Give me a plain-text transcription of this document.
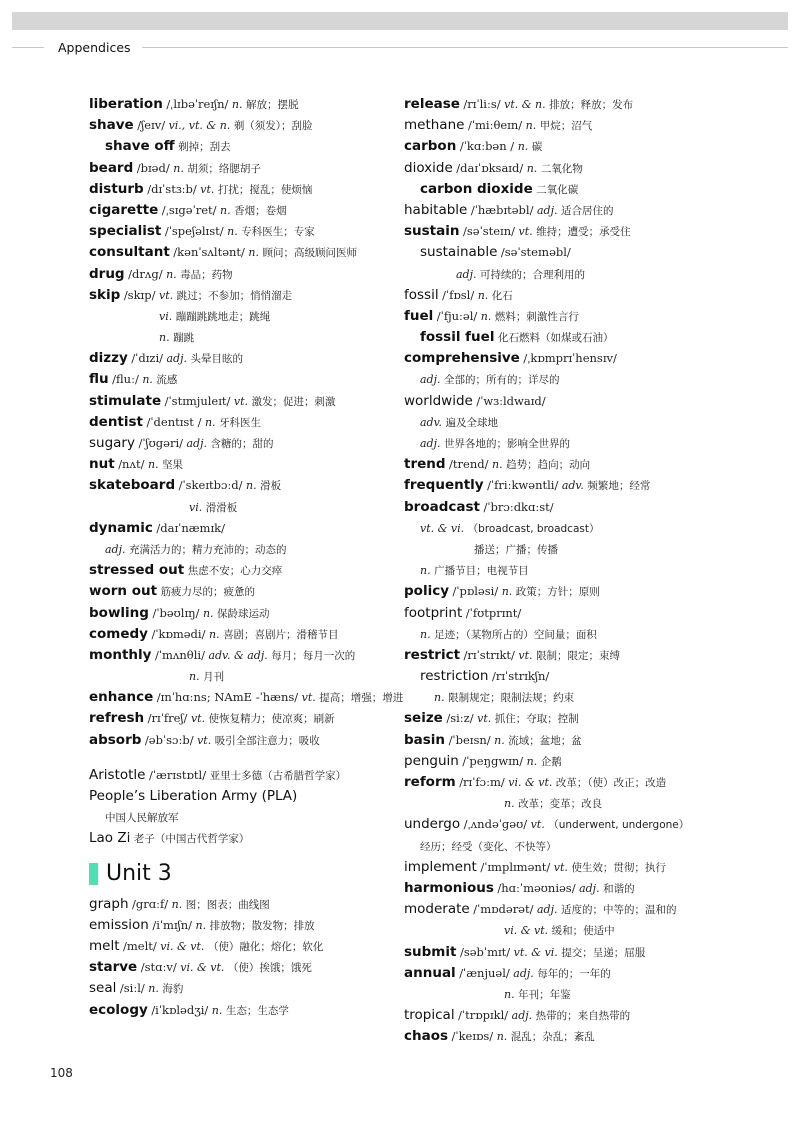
Appendices
liberation /ˌlɪbəˈreɪʃn/ n. 解放；摆脱
shave /ʃeɪv/ vi., vt. & n. 剃（须发）；刮脸
shave off 剃掉；刮去
beard /bɪəd/ n. 胡须；络腮胡子
disturb /dɪˈstɜːb/ vt. 打扰；搅乱；使烦恼
cigarette /ˌsɪgəˈret/ n. 香烟；卷烟
specialist /ˈspeʃəlɪst/ n. 专科医生；专家
consultant /kənˈsʌltənt/ n. 顾问；高级顾问医师
drug /drʌg/ n. 毒品；药物
skip /skɪp/ vt. 跳过；不参加；悄悄溜走
vi. 蹦蹦跳跳地走；跳绳
n. 蹦跳
dizzy /ˈdɪzi/ adj. 头晕目眩的
flu /fluː/ n. 流感
stimulate /ˈstɪmjuleɪt/ vt. 激发；促进；刺激
dentist /ˈdentɪst / n. 牙科医生
sugary /ˈʃʊgəri/ adj. 含糖的；甜的
nut /nʌt/ n. 坚果
skateboard /ˈskeɪtbɔːd/ n. 滑板
vi. 滑滑板
dynamic /daɪˈnæmɪk/
adj. 充满活力的；精力充沛的；动态的
stressed out 焦虑不安；心力交瘁
worn out 筋疲力尽的；疲惫的
bowling /ˈbəʊlɪŋ/ n. 保龄球运动
comedy /ˈkɒmədi/ n. 喜剧；喜剧片；滑稽节目
monthly /ˈmʌnθli/ adv. & adj. 每月；每月一次的
n. 月刊
enhance /ɪnˈhɑːns; NAmE -ˈhæns/ vt. 提高；增强；增进
refresh /rɪˈfreʃ/ vt. 使恢复精力；使凉爽；刷新
absorb /əbˈsɔːb/ vt. 吸引全部注意力；吸收
Aristotle /ˈærɪstɒtl/ 亚里士多德（古希腊哲学家）
People’s Liberation Army (PLA)
中国人民解放军
Lao Zi 老子（中国古代哲学家）
Unit 3
graph /grɑːf/ n. 图；图表；曲线图
emission /iˈmɪʃn/ n. 排放物；散发物；排放
melt /melt/ vi. & vt. （使）融化；熔化；软化
starve /stɑːv/ vi. & vt. （使）挨饿；饿死
seal /siːl/ n. 海豹
ecology /iˈkɒlədʒi/ n. 生态；生态学
release /rɪˈliːs/ vt. & n. 排放；释放；发布
methane /ˈmiːθeɪn/ n. 甲烷；沼气
carbon /ˈkɑːbən / n. 碳
dioxide /daɪˈɒksaɪd/ n. 二氧化物
carbon dioxide 二氧化碳
habitable /ˈhæbɪtəbl/ adj. 适合居住的
sustain /səˈsteɪn/ vt. 维持；遭受；承受住
sustainable /səˈsteɪnəbl/
adj. 可持续的；合理利用的
fossil /ˈfɒsl/ n. 化石
fuel /ˈfjuːəl/ n. 燃料；刺激性言行
fossil fuel 化石燃料（如煤或石油）
comprehensive /ˌkɒmprɪˈhensɪv/
adj. 全部的；所有的；详尽的
worldwide /ˈwɜːldwaɪd/
adv. 遍及全球地
adj. 世界各地的；影响全世界的
trend /trend/ n. 趋势；趋向；动向
frequently /ˈfriːkwəntli/ adv. 频繁地；经常
broadcast /ˈbrɔːdkɑːst/
vt. & vi. （broadcast, broadcast）
播送；广播；传播
n. 广播节目；电视节目
policy /ˈpɒləsi/ n. 政策；方针；原则
footprint /ˈfʊtprɪnt/
n. 足迹；（某物所占的）空间量；面积
restrict /rɪˈstrɪkt/ vt. 限制；限定；束缚
restriction /rɪˈstrɪkʃn/
n. 限制规定；限制法规；约束
seize /siːz/ vt. 抓住；夺取；控制
basin /ˈbeɪsn/ n. 流域；盆地；盆
penguin /ˈpeŋgwɪn/ n. 企鹅
reform /rɪˈfɔːm/ vi. & vt. 改革；（使）改正；改造
n. 改革；变革；改良
undergo /ˌʌndəˈgəʊ/ vt. （underwent, undergone）
经历；经受（变化、不快等）
implement /ˈɪmplɪmənt/ vt. 使生效；贯彻；执行
harmonious /hɑːˈməʊniəs/ adj. 和谐的
moderate /ˈmɒdərət/ adj. 适度的；中等的；温和的
vi. & vt. 缓和；使适中
submit /səbˈmɪt/ vt. & vi. 提交；呈递；屈服
annual /ˈænjuəl/ adj. 每年的；一年的
n. 年刊；年鉴
tropical /ˈtrɒpɪkl/ adj. 热带的；来自热带的
chaos /ˈkeɪɒs/ n. 混乱；杂乱；紊乱
108
